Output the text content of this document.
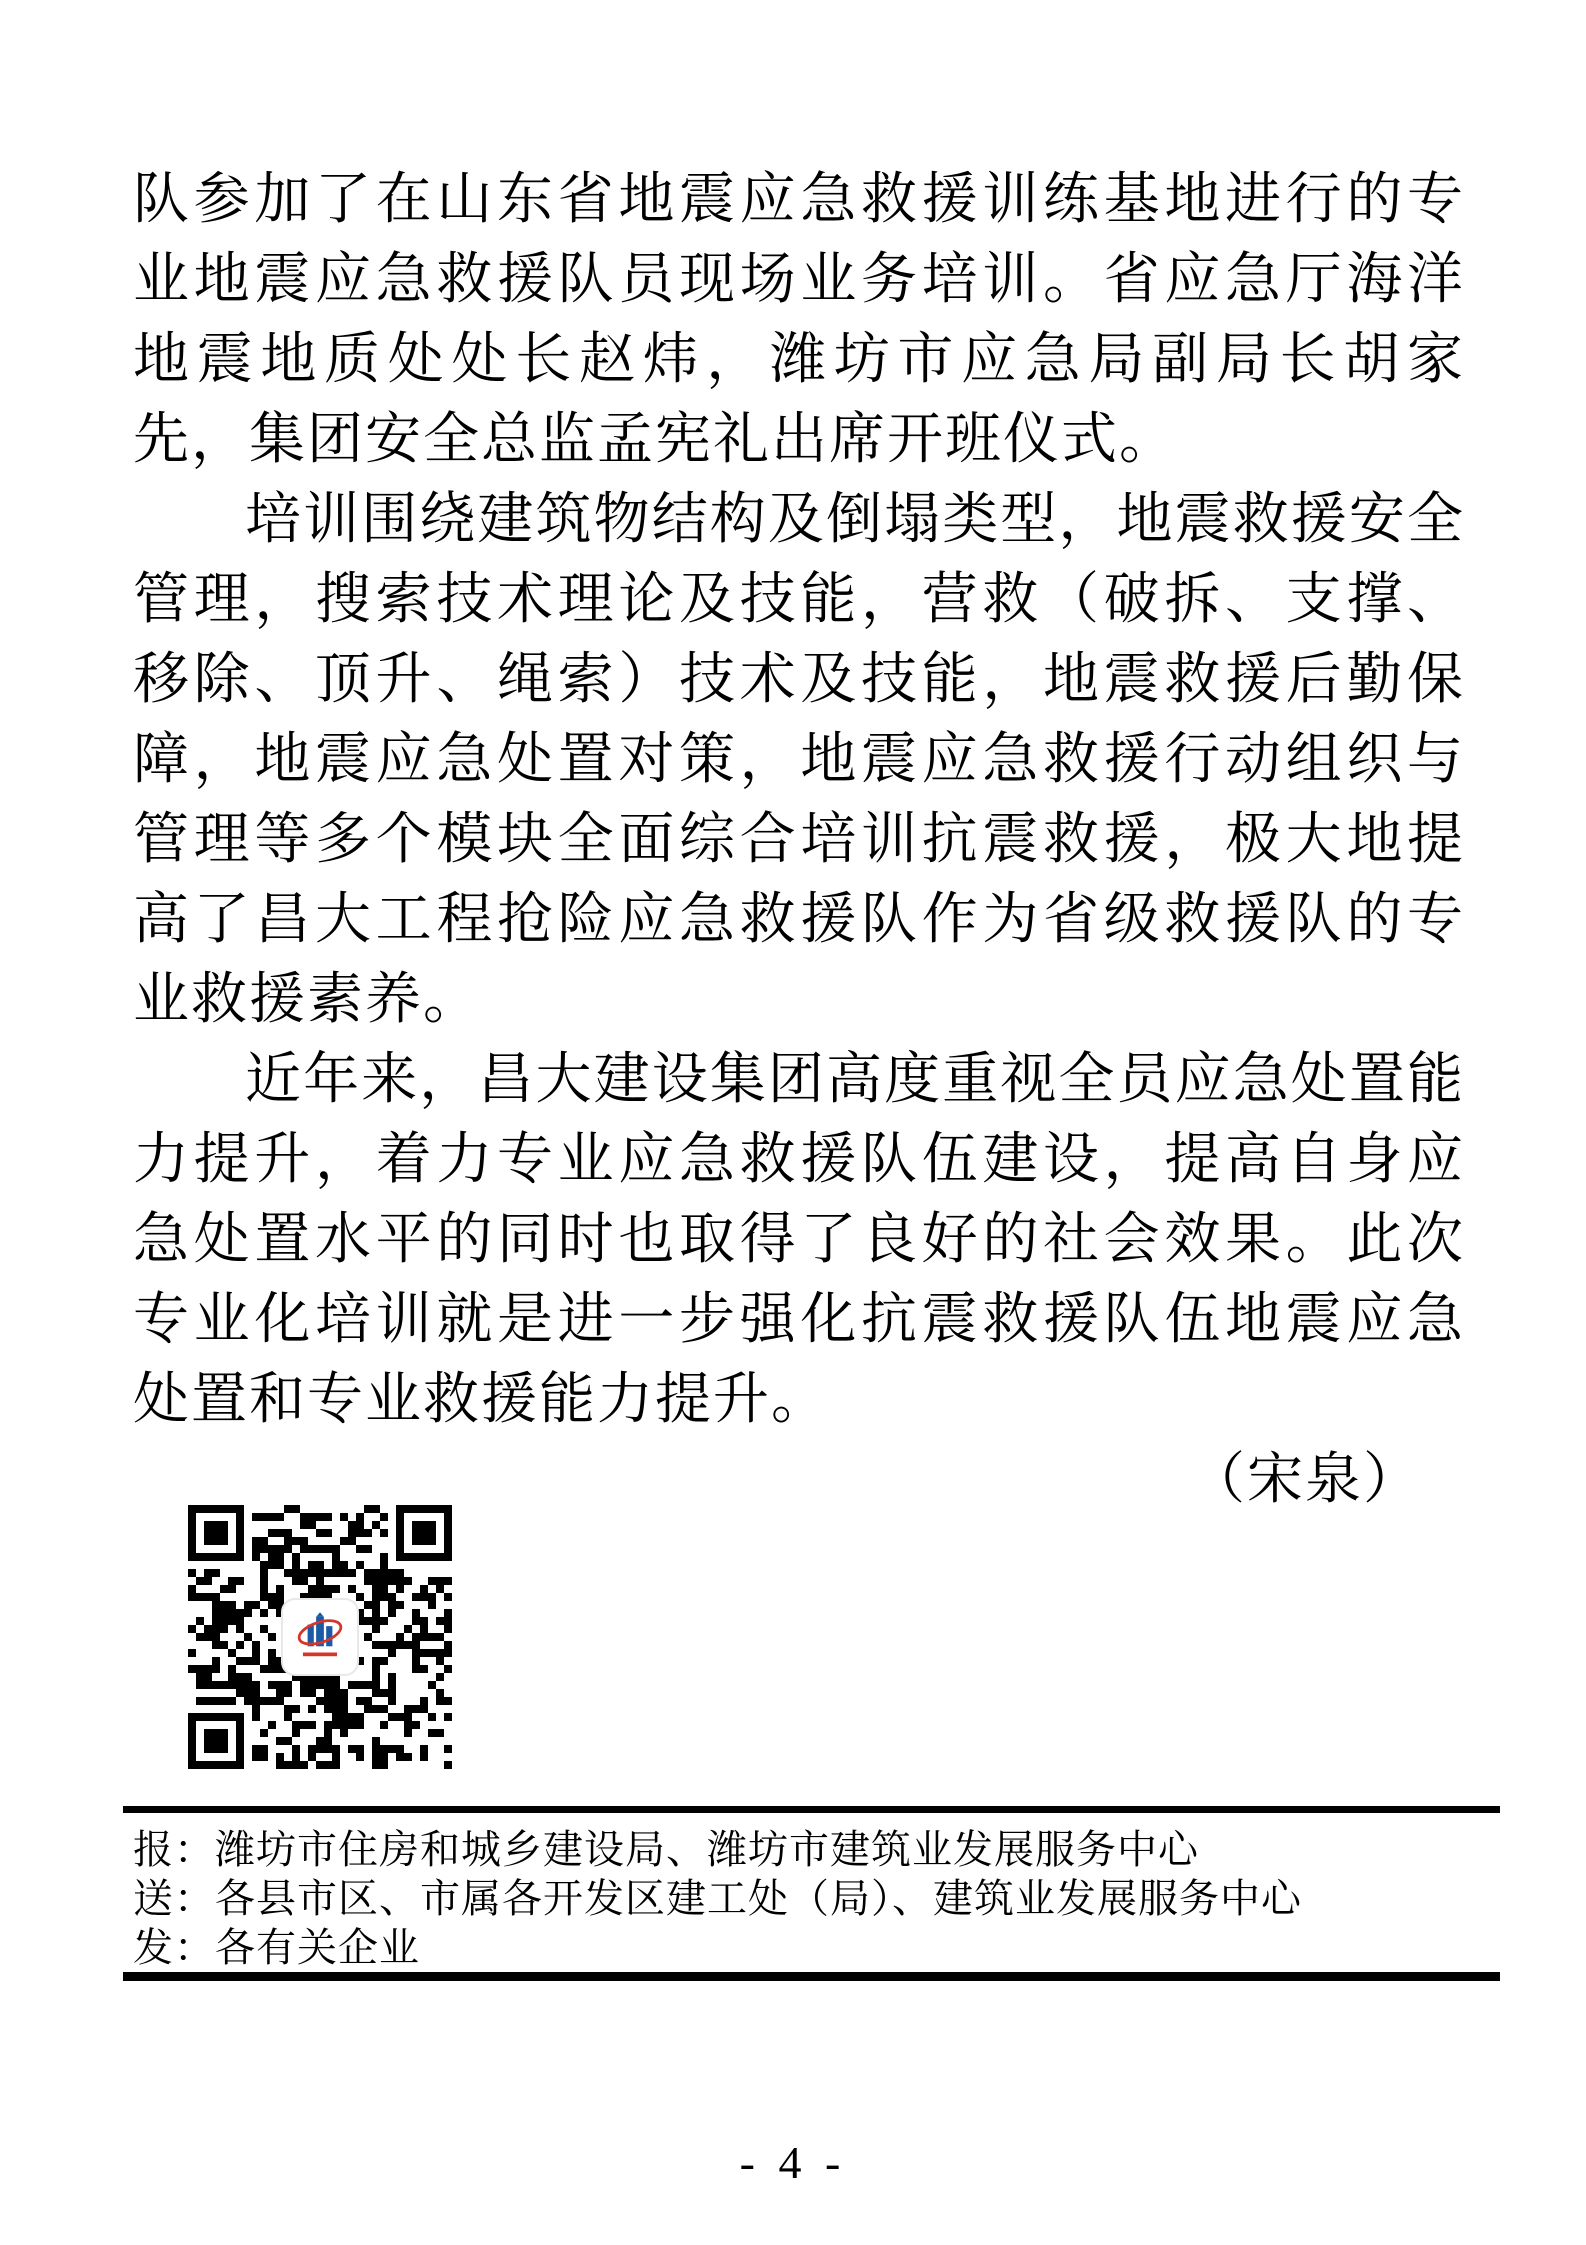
队参加了在山东省地震应急救援训练基地进行的专业地震应急救援队员现场业务培训。省应急厅海洋地震地质处处长赵炜，潍坊市应急局副局长胡家先，集团安全总监孟宪礼出席开班仪式。

培训围绕建筑物结构及倒塌类型，地震救援安全管理，搜索技术理论及技能，营救（破拆、支撑、移除、顶升、绳索）技术及技能，地震救援后勤保障，地震应急处置对策，地震应急救援行动组织与管理等多个模块全面综合培训抗震救援，极大地提高了昌大工程抢险应急救援队作为省级救援队的专业救援素养。

近年来，昌大建设集团高度重视全员应急处置能力提升，着力专业应急救援队伍建设，提高自身应急处置水平的同时也取得了良好的社会效果。此次专业化培训就是进一步强化抗震救援队伍地震应急处置和专业救援能力提升。

（宋泉）

报：潍坊市住房和城乡建设局、潍坊市建筑业发展服务中心
送：各县市区、市属各开发区建工处（局）、建筑业发展服务中心
发：各有关企业
- 4 -
